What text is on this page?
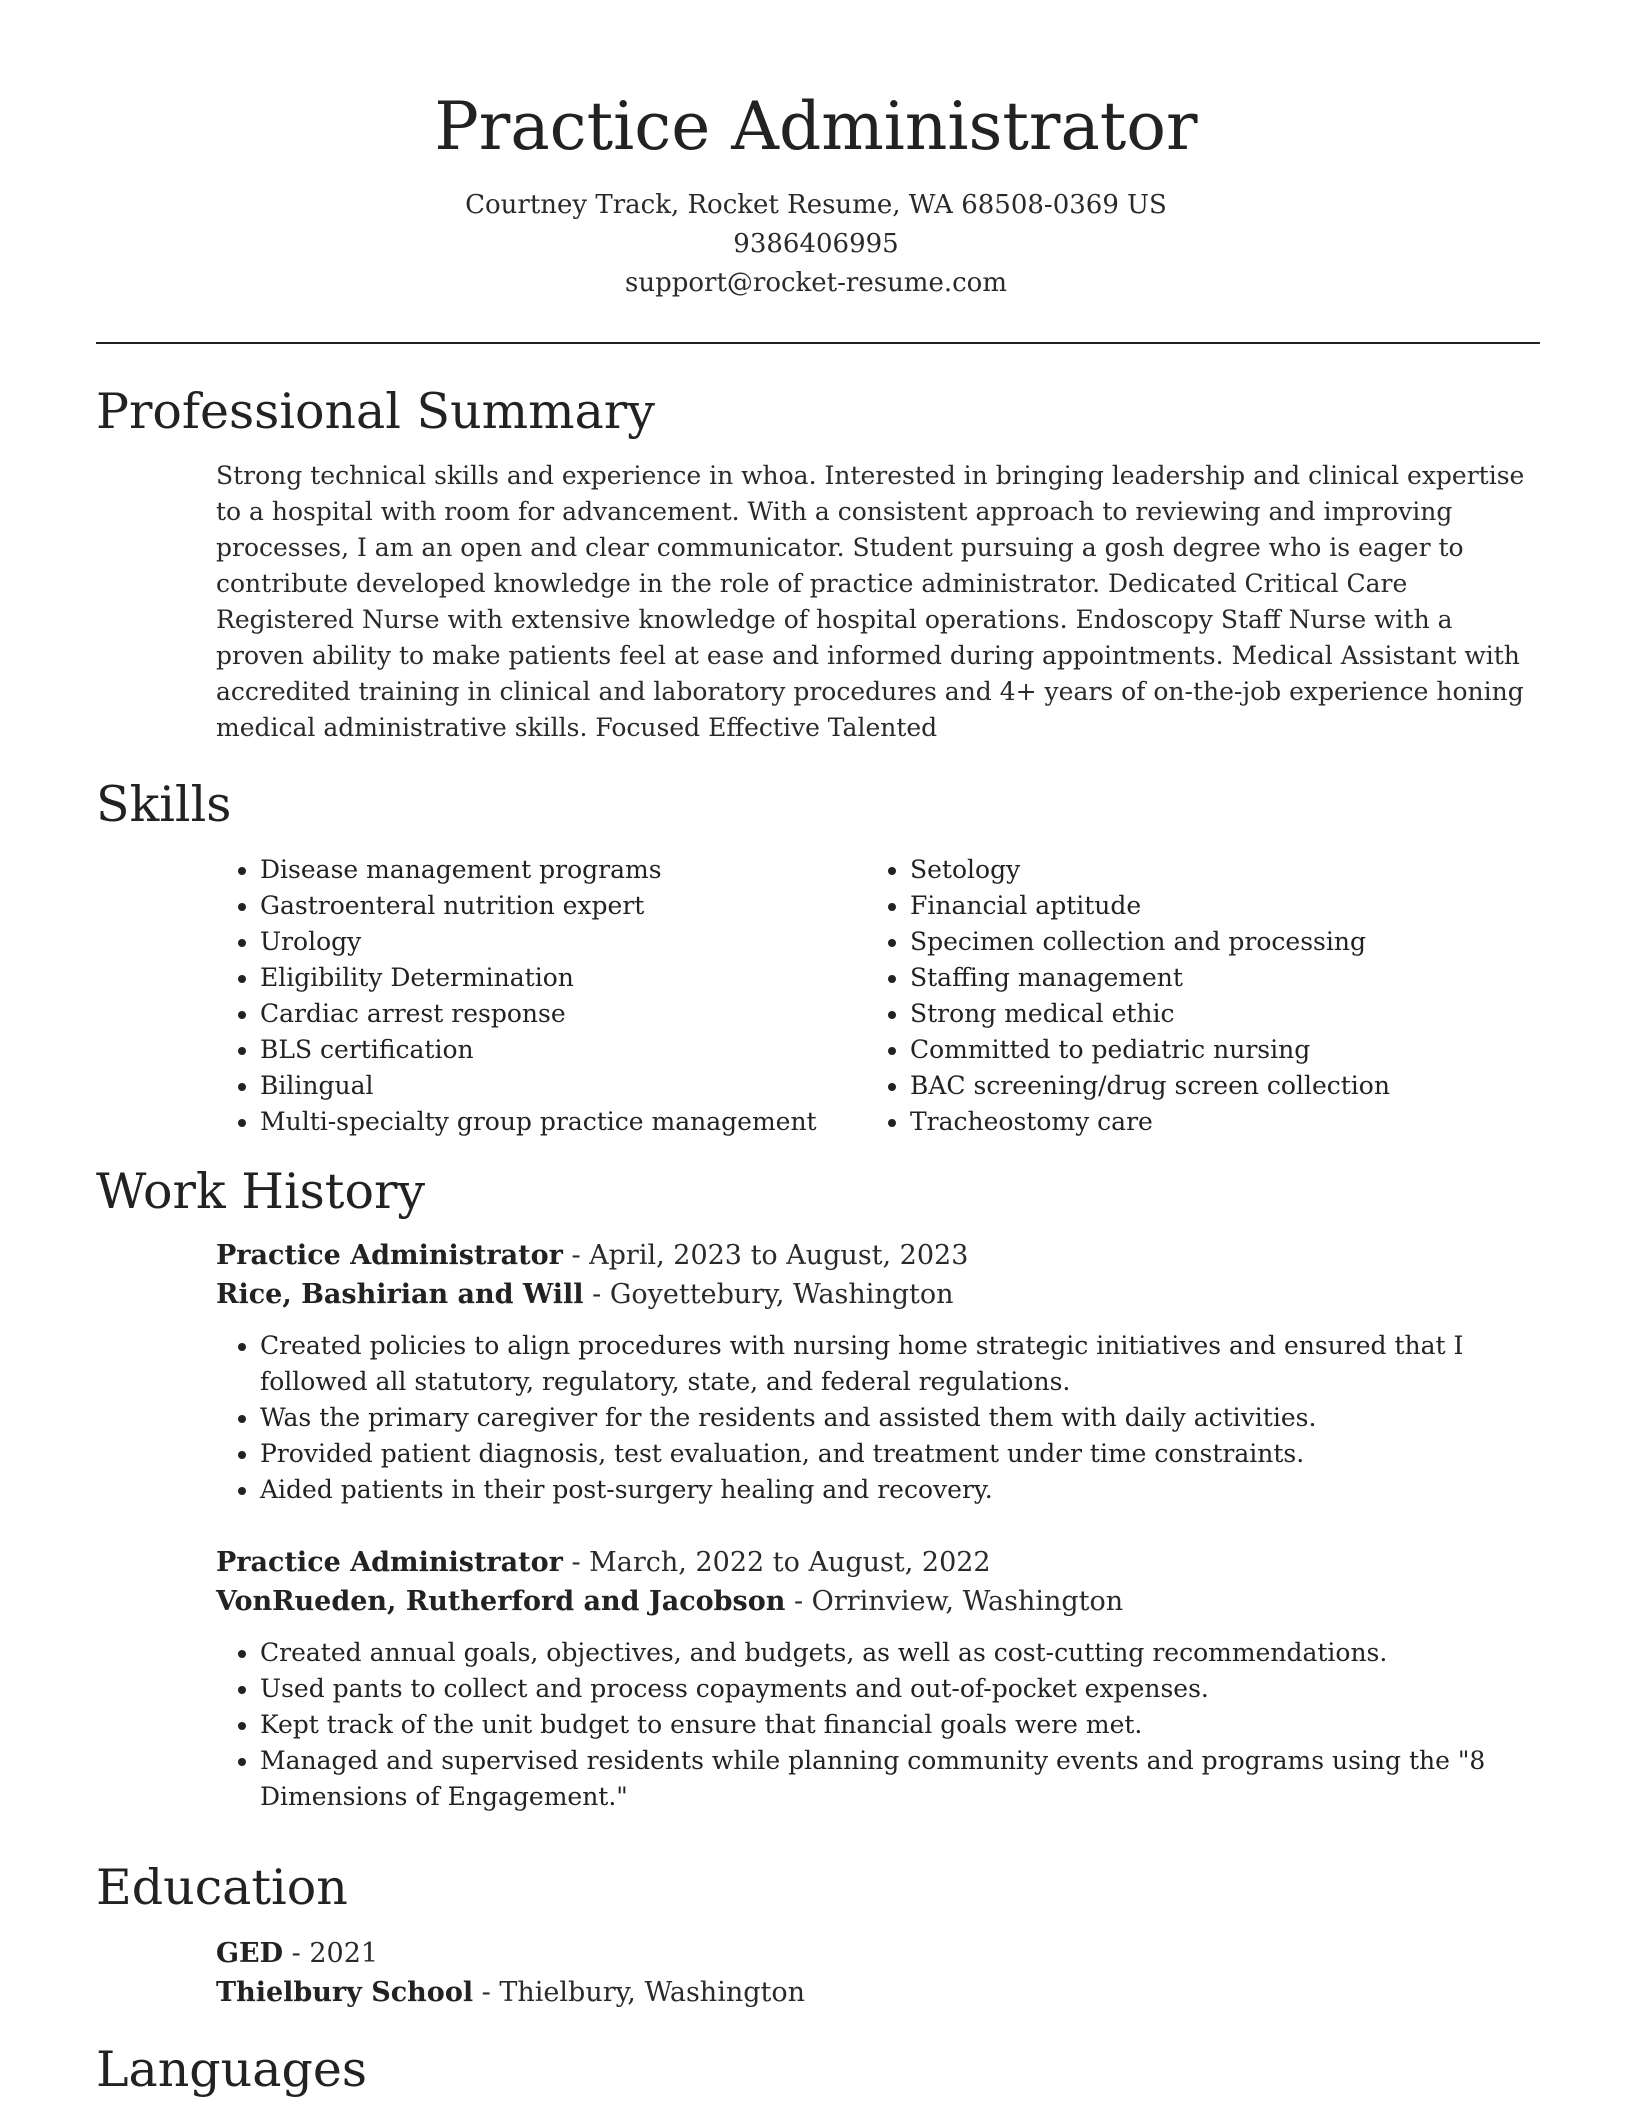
Practice Administrator
Courtney Track, Rocket Resume, WA 68508-0369 US
9386406995
support@rocket-resume.com
Professional Summary

Strong technical skills and experience in whoa. Interested in bringing leadership and clinical expertise to a hospital with room for advancement. With a consistent approach to reviewing and improving processes, I am an open and clear communicator. Student pursuing a gosh degree who is eager to contribute developed knowledge in the role of practice administrator. Dedicated Critical Care Registered Nurse with extensive knowledge of hospital operations. Endoscopy Staff Nurse with a proven ability to make patients feel at ease and informed during appointments. Medical Assistant with accredited training in clinical and laboratory procedures and 4+ years of on-the-job experience honing medical administrative skills. Focused Effective Talented

Skills
• Disease management programs
• Gastroenteral nutrition expert
• Urology
• Eligibility Determination
• Cardiac arrest response
• BLS certification
• Bilingual
• Multi-specialty group practice management
• Setology
• Financial aptitude
• Specimen collection and processing
• Staffing management
• Strong medical ethic
• Committed to pediatric nursing
• BAC screening/drug screen collection
• Tracheostomy care
Work History

Practice Administrator - April, 2023 to August, 2023

Rice, Bashirian and Will - Goyettebury, Washington

• Created policies to align procedures with nursing home strategic initiatives and ensured that I followed all statutory, regulatory, state, and federal regulations.
• Was the primary caregiver for the residents and assisted them with daily activities.
• Provided patient diagnosis, test evaluation, and treatment under time constraints.
• Aided patients in their post-surgery healing and recovery.

Practice Administrator - March, 2022 to August, 2022

VonRueden, Rutherford and Jacobson - Orrinview, Washington

• Created annual goals, objectives, and budgets, as well as cost-cutting recommendations.
• Used pants to collect and process copayments and out-of-pocket expenses.
• Kept track of the unit budget to ensure that financial goals were met.
• Managed and supervised residents while planning community events and programs using the "8 Dimensions of Engagement."
Education

GED - 2021

Thielbury School - Thielbury, Washington

Languages
